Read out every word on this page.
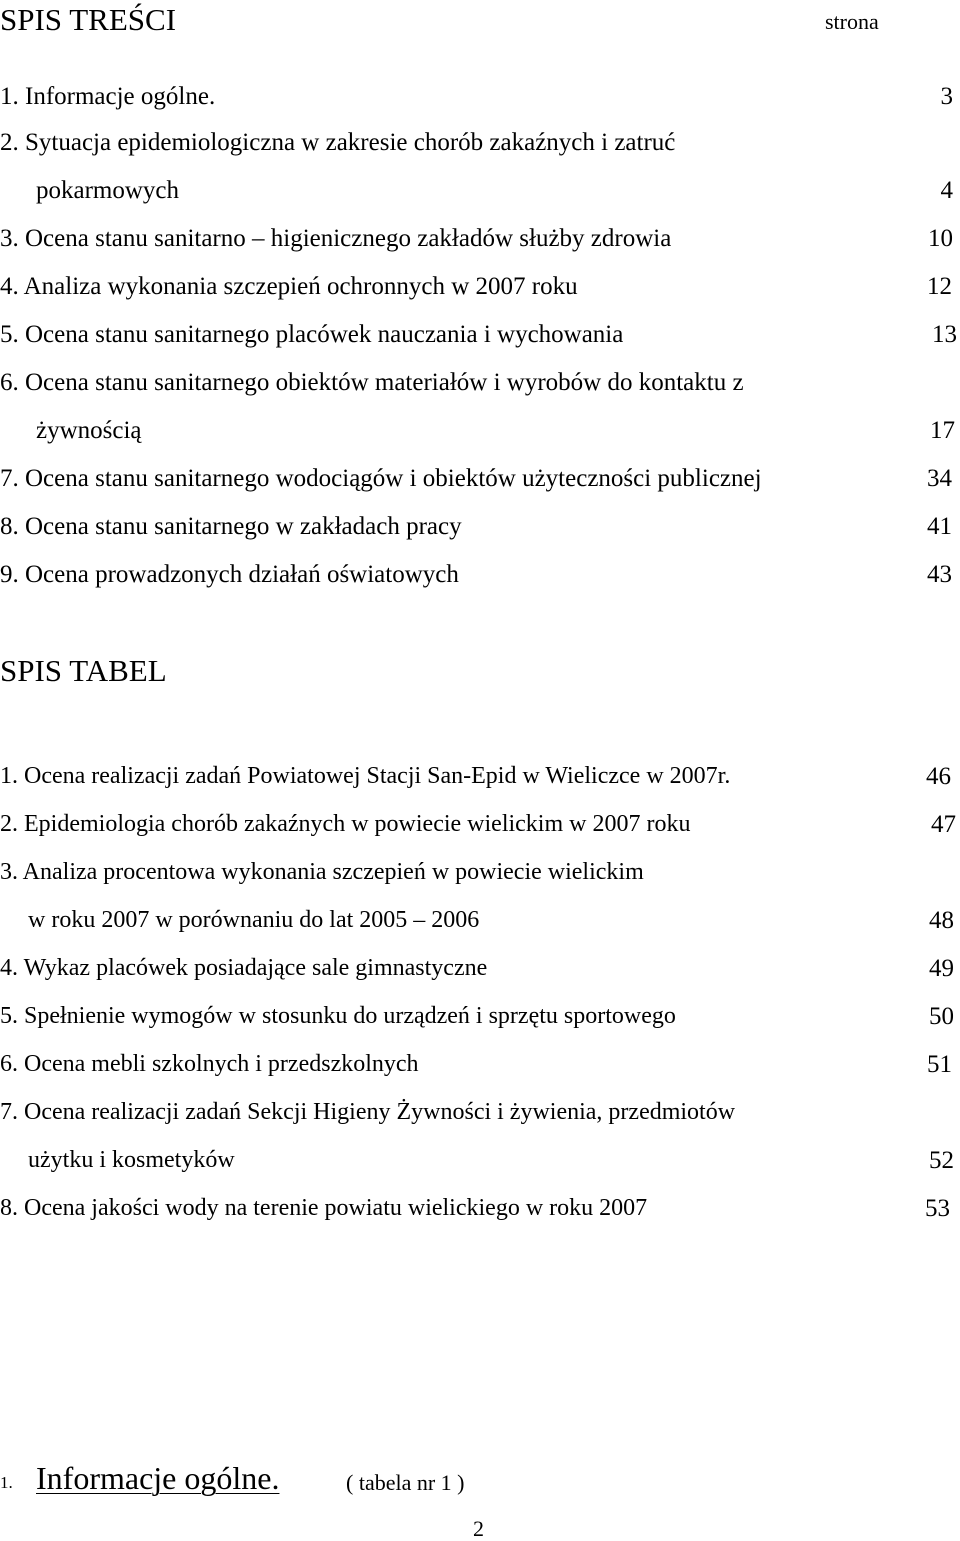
SPIS TREŚCI	strona
1. Informacje ogólne.	3
2. Sytuacja epidemiologiczna w zakresie chorób zakaźnych i zatruć
pokarmowych	4
3. Ocena stanu sanitarno – higienicznego zakładów służby zdrowia	10
4. Analiza wykonania szczepień ochronnych w 2007 roku	12
5. Ocena stanu sanitarnego placówek nauczania i wychowania	13
6. Ocena stanu sanitarnego obiektów materiałów i wyrobów do kontaktu z
żywnością	17
7. Ocena stanu sanitarnego wodociągów i obiektów użyteczności publicznej	34
8. Ocena stanu sanitarnego w zakładach pracy	41
9. Ocena prowadzonych działań oświatowych	43
SPIS TABEL
1. Ocena realizacji zadań Powiatowej Stacji San-Epid w Wieliczce w 2007r.	46
2. Epidemiologia chorób zakaźnych w powiecie wielickim w 2007 roku	47
3. Analiza procentowa wykonania szczepień w powiecie wielickim
w roku 2007 w porównaniu do lat 2005 – 2006	48
4. Wykaz placówek posiadające sale gimnastyczne	49
5. Spełnienie wymogów w stosunku do urządzeń i sprzętu sportowego	50
6. Ocena mebli szkolnych i przedszkolnych	51
7. Ocena realizacji zadań Sekcji Higieny Żywności i żywienia, przedmiotów
użytku i kosmetyków	52
8. Ocena jakości wody na terenie powiatu wielickiego w roku 2007	53
1. Informacje ogólne.	( tabela nr 1 )
2
